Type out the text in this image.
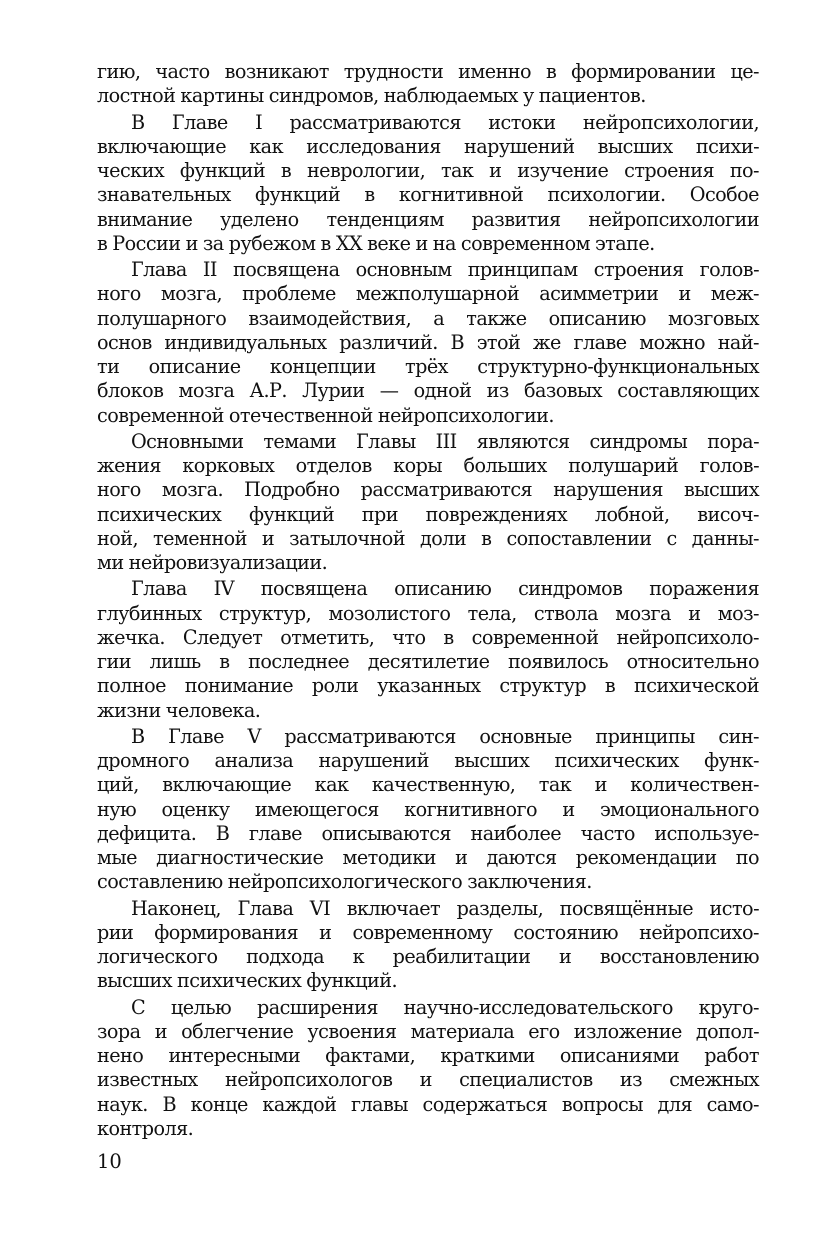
гию, часто возникают трудности именно в формировании це-
лостной картины синдромов, наблюдаемых у пациентов.
В Главе I рассматриваются истоки нейропсихологии,
включающие как исследования нарушений высших психи-
ческих функций в неврологии, так и изучение строения по-
знавательных функций в когнитивной психологии. Особое
внимание уделено тенденциям развития нейропсихологии
в России и за рубежом в XX веке и на современном этапе.
Глава II посвящена основным принципам строения голов-
ного мозга, проблеме межполушарной асимметрии и меж-
полушарного взаимодействия, а также описанию мозговых
основ индивидуальных различий. В этой же главе можно най-
ти описание концепции трёх структурно-функциональных
блоков мозга А.Р. Лурии — одной из базовых составляющих
современной отечественной нейропсихологии.
Основными темами Главы III являются синдромы пора-
жения корковых отделов коры больших полушарий голов-
ного мозга. Подробно рассматриваются нарушения высших
психических функций при повреждениях лобной, височ-
ной, теменной и затылочной доли в сопоставлении с данны-
ми нейровизуализации.
Глава IV посвящена описанию синдромов поражения
глубинных структур, мозолистого тела, ствола мозга и моз-
жечка. Следует отметить, что в современной нейропсихоло-
гии лишь в последнее десятилетие появилось относительно
полное понимание роли указанных структур в психической
жизни человека.
В Главе V рассматриваются основные принципы син-
дромного анализа нарушений высших психических функ-
ций, включающие как качественную, так и количествен-
ную оценку имеющегося когнитивного и эмоционального
дефицита. В главе описываются наиболее часто используе-
мые диагностические методики и даются рекомендации по
составлению нейропсихологического заключения.
Наконец, Глава VI включает разделы, посвящённые исто-
рии формирования и современному состоянию нейропсихо-
логического подхода к реабилитации и восстановлению
высших психических функций.
С целью расширения научно-исследовательского круго-
зора и облегчение усвоения материала его изложение допол-
нено интересными фактами, краткими описаниями работ
известных нейропсихологов и специалистов из смежных
наук. В конце каждой главы содержаться вопросы для само-
контроля.
10
